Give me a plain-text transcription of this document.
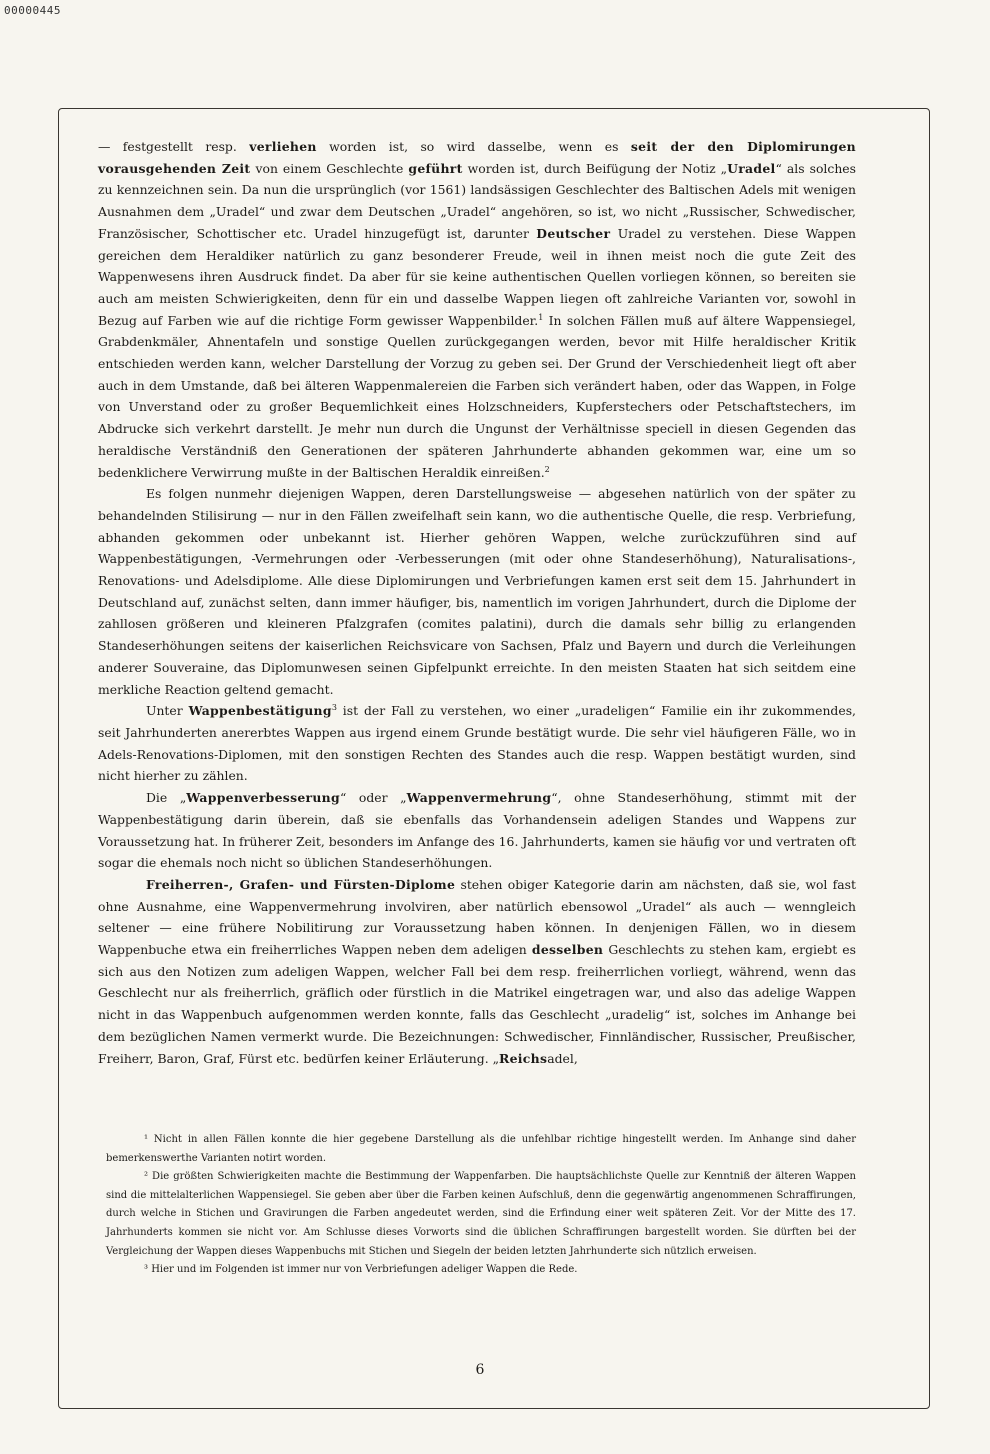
00000445

— festgestellt resp. verliehen worden ist, so wird dasselbe, wenn es seit der den Diplomirungen vorausgehenden Zeit von einem Geschlechte geführt worden ist, durch Beifügung der Notiz „Uradel“ als solches zu kennzeichnen sein. Da nun die ursprünglich (vor 1561) landsässigen Geschlechter des Baltischen Adels mit wenigen Ausnahmen dem „Uradel“ und zwar dem Deutschen „Uradel“ angehören, so ist, wo nicht „Russischer, Schwedischer, Französischer, Schottischer etc. Uradel hinzugefügt ist, darunter Deutscher Uradel zu verstehen. Diese Wappen gereichen dem Heraldiker natürlich zu ganz besonderer Freude, weil in ihnen meist noch die gute Zeit des Wappenwesens ihren Ausdruck findet. Da aber für sie keine authentischen Quellen vorliegen können, so bereiten sie auch am meisten Schwierigkeiten, denn für ein und dasselbe Wappen liegen oft zahlreiche Varianten vor, sowohl in Bezug auf Farben wie auf die richtige Form gewisser Wappenbilder.$^1$ In solchen Fällen muß auf ältere Wappensiegel, Grabdenkmäler, Ahnentafeln und sonstige Quellen zurückgegangen werden, bevor mit Hilfe heraldischer Kritik entschieden werden kann, welcher Darstellung der Vorzug zu geben sei. Der Grund der Verschiedenheit liegt oft aber auch in dem Umstande, daß bei älteren Wappenmalereien die Farben sich verändert haben, oder das Wappen, in Folge von Unverstand oder zu großer Bequemlichkeit eines Holzschneiders, Kupferstechers oder Petschaftstechers, im Abdrucke sich verkehrt darstellt. Je mehr nun durch die Ungunst der Verhältnisse speciell in diesen Gegenden das heraldische Verständniß den Generationen der späteren Jahrhunderte abhanden gekommen war, eine um so bedenklichere Verwirrung mußte in der Baltischen Heraldik einreißen.$^2$

Es folgen nunmehr diejenigen Wappen, deren Darstellungsweise — abgesehen natürlich von der später zu behandelnden Stilisirung — nur in den Fällen zweifelhaft sein kann, wo die authentische Quelle, die resp. Verbriefung, abhanden gekommen oder unbekannt ist. Hierher gehören Wappen, welche zurückzuführen sind auf Wappenbestätigungen, -Vermehrungen oder -Verbesserungen (mit oder ohne Standeserhöhung), Naturalisations-, Renovations- und Adelsdiplome. Alle diese Diplomirungen und Verbriefungen kamen erst seit dem 15. Jahrhundert in Deutschland auf, zunächst selten, dann immer häufiger, bis, namentlich im vorigen Jahrhundert, durch die Diplome der zahllosen größeren und kleineren Pfalzgrafen (comites palatini), durch die damals sehr billig zu erlangenden Standeserhöhungen seitens der kaiserlichen Reichsvicare von Sachsen, Pfalz und Bayern und durch die Verleihungen anderer Souveraine, das Diplomunwesen seinen Gipfelpunkt erreichte. In den meisten Staaten hat sich seitdem eine merkliche Reaction geltend gemacht.

Unter Wappenbestätigung$^3$ ist der Fall zu verstehen, wo einer „uradeligen“ Familie ein ihr zukommendes, seit Jahrhunderten anererbtes Wappen aus irgend einem Grunde bestätigt wurde. Die sehr viel häufigeren Fälle, wo in Adels-Renovations-Diplomen, mit den sonstigen Rechten des Standes auch die resp. Wappen bestätigt wurden, sind nicht hierher zu zählen.

Die „Wappenverbesserung“ oder „Wappenvermehrung“, ohne Standeserhöhung, stimmt mit der Wappenbestätigung darin überein, daß sie ebenfalls das Vorhandensein adeligen Standes und Wappens zur Voraussetzung hat. In früherer Zeit, besonders im Anfange des 16. Jahrhunderts, kamen sie häufig vor und vertraten oft sogar die ehemals noch nicht so üblichen Standeserhöhungen.

Freiherren-, Grafen- und Fürsten-Diplome stehen obiger Kategorie darin am nächsten, daß sie, wol fast ohne Ausnahme, eine Wappenvermehrung involviren, aber natürlich ebensowol „Uradel“ als auch — wenngleich seltener — eine frühere Nobilitirung zur Voraussetzung haben können. In denjenigen Fällen, wo in diesem Wappenbuche etwa ein freiherrliches Wappen neben dem adeligen desselben Geschlechts zu stehen kam, ergiebt es sich aus den Notizen zum adeligen Wappen, welcher Fall bei dem resp. freiherrlichen vorliegt, während, wenn das Geschlecht nur als freiherrlich, gräflich oder fürstlich in die Matrikel eingetragen war, und also das adelige Wappen nicht in das Wappenbuch aufgenommen werden konnte, falls das Geschlecht „uradelig“ ist, solches im Anhange bei dem bezüglichen Namen vermerkt wurde. Die Bezeichnungen: Schwedischer, Finnländischer, Russischer, Preußischer, Freiherr, Baron, Graf, Fürst etc. bedürfen keiner Erläuterung. „Reichsadel,

¹ Nicht in allen Fällen konnte die hier gegebene Darstellung als die unfehlbar richtige hingestellt werden. Im Anhange sind daher bemerkenswerthe Varianten notirt worden.

² Die größten Schwierigkeiten machte die Bestimmung der Wappenfarben. Die hauptsächlichste Quelle zur Kenntniß der älteren Wappen sind die mittelalterlichen Wappensiegel. Sie geben aber über die Farben keinen Aufschluß, denn die gegenwärtig angenommenen Schraffirungen, durch welche in Stichen und Gravirungen die Farben angedeutet werden, sind die Erfindung einer weit späteren Zeit. Vor der Mitte des 17. Jahrhunderts kommen sie nicht vor. Am Schlusse dieses Vorworts sind die üblichen Schraffirungen bargestellt worden. Sie dürften bei der Vergleichung der Wappen dieses Wappenbuchs mit Stichen und Siegeln der beiden letzten Jahrhunderte sich nützlich erweisen.

³ Hier und im Folgenden ist immer nur von Verbriefungen adeliger Wappen die Rede.

6
